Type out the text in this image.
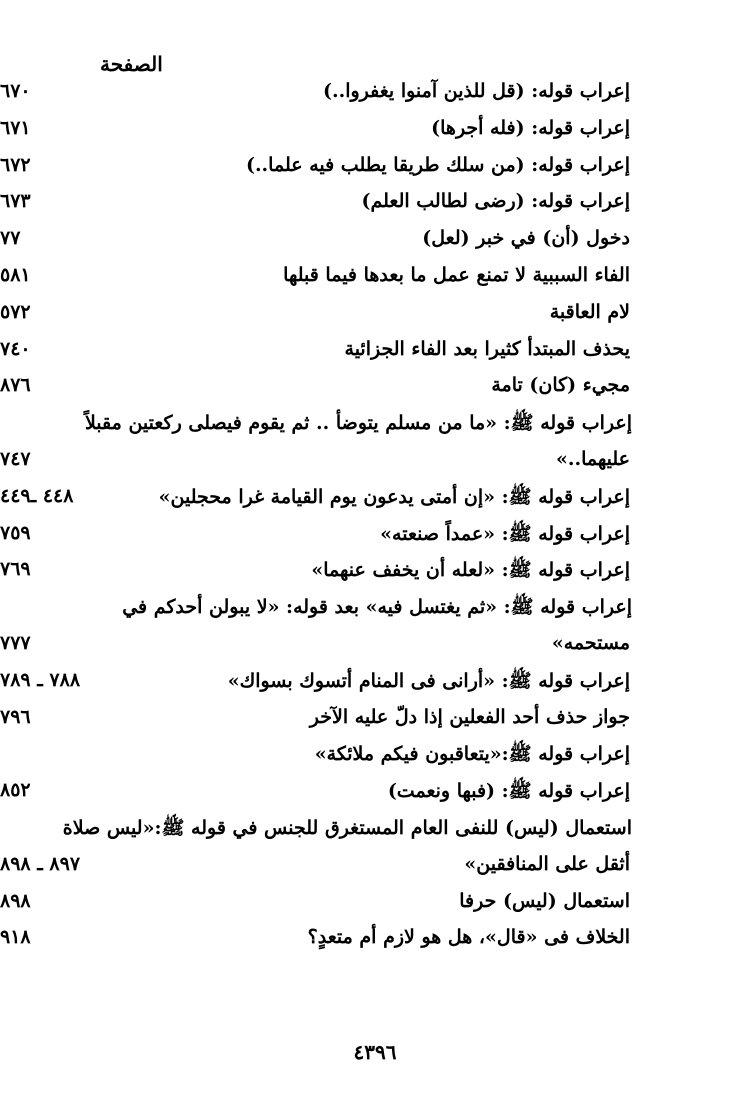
الصفحة
إعراب قوله: (قل للذين آمنوا يغفروا..)
٦٧٠
إعراب قوله: (فله أجرها)
٦٧١
إعراب قوله: (من سلك طريقا يطلب فيه علما..)
٦٧٢
إعراب قوله: (رضى لطالب العلم)
٦٧٣
دخول (أن) في خبر (لعل)
٧٧
الفاء السببية لا تمنع عمل ما بعدها فيما قبلها
٥٨١
لام العاقبة
٥٧٢
يحذف المبتدأ كثيرا بعد الفاء الجزائية
٧٤٠
مجيء (كان) تامة
٨٧٦
إعراب قوله ﷺ: «ما من مسلم يتوضأ .. ثم يقوم فيصلى ركعتين مقبلاً
عليهما..»
٧٤٧
إعراب قوله ﷺ: «إن أمتى يدعون يوم القيامة غرا محجلين»
٤٤٨ ـ٤٤٩
إعراب قوله ﷺ: «عمداً صنعته»
٧٥٩
إعراب قوله ﷺ: «لعله أن يخفف عنهما»
٧٦٩
إعراب قوله ﷺ: «ثم يغتسل فيه» بعد قوله: «لا يبولن أحدكم في
مستحمه»
٧٧٧
إعراب قوله ﷺ: «أرانى فى المنام أتسوك بسواك»
٧٨٨ ـ ٧٨٩
جواز حذف أحد الفعلين إذا دلّ عليه الآخر
٧٩٦
إعراب قوله ﷺ:«يتعاقبون فيكم ملائكة»
إعراب قوله ﷺ: (فبها ونعمت)
٨٥٢
استعمال (ليس) للنفى العام المستغرق للجنس في قوله ﷺ:«ليس صلاة
أثقل على المنافقين»
٨٩٧ ـ ٨٩٨
استعمال (ليس) حرفا
٨٩٨
الخلاف فى «قال»، هل هو لازم أم متعدٍ؟
٩١٨
٤٣٩٦
